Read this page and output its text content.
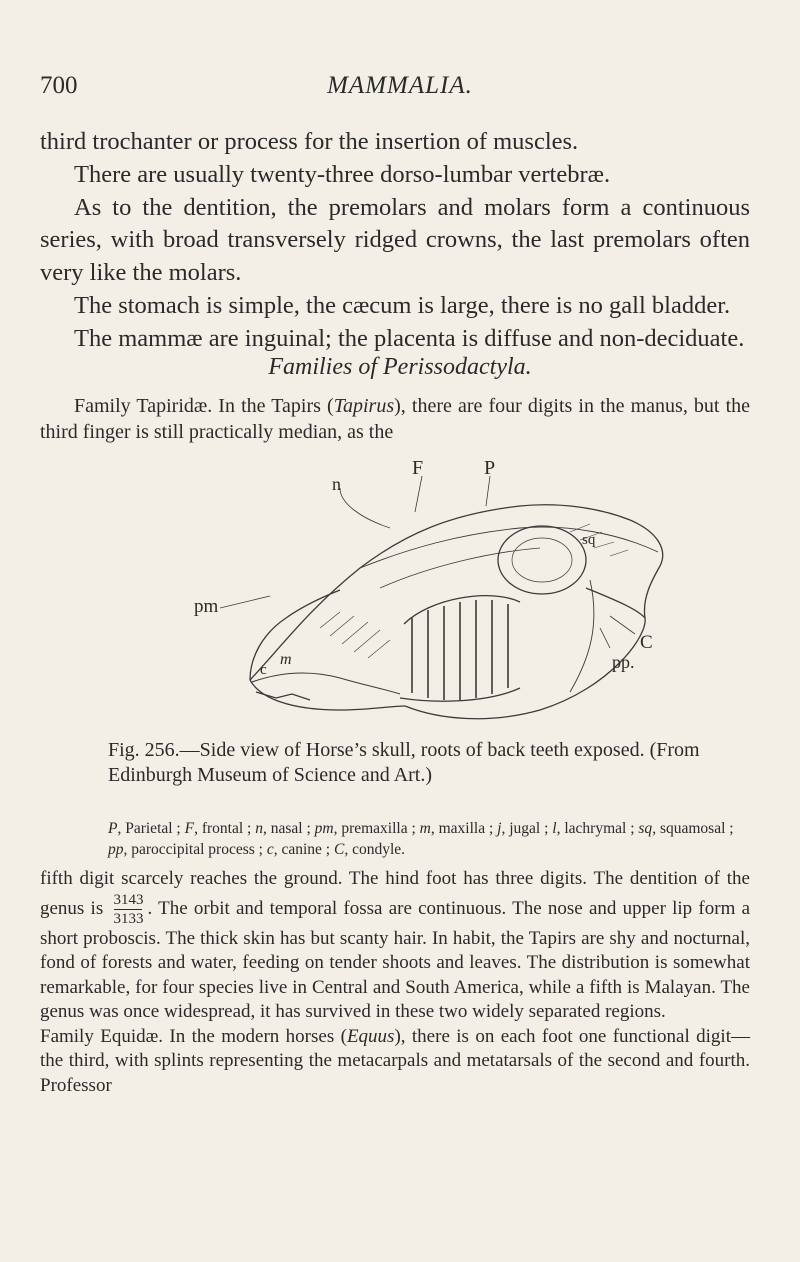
700	MAMMALIA.

third trochanter or process for the insertion of muscles.

There are usually twenty-three dorso-lumbar vertebræ.

As to the dentition, the premolars and molars form a continuous series, with broad transversely ridged crowns, the last premolars often very like the molars.

The stomach is simple, the cæcum is large, there is no gall bladder.

The mammæ are inguinal; the placenta is diffuse and non-deciduate.

Families of Perissodactyla.
Family Tapiridæ. In the Tapirs (Tapirus), there are four digits in the manus, but the third finger is still practically median, as the
F	P
n
sq
pm
C
pp.
m
c
Fig. 256.—Side view of Horse’s skull, roots of back teeth exposed. (From Edinburgh Museum of Science and Art.)
P, Parietal ; F, frontal ; n, nasal ; pm, premaxilla ; m, maxilla ; j, jugal ; l, lachrymal ; sq, squamosal ; pp, paroccipital process ; c, canine ; C, condyle.
fifth digit scarcely reaches the ground. The hind foot has three digits. The dentition of the genus is $\frac{3143}{3133}$ . The orbit and temporal fossa are continuous. The nose and upper lip form a short proboscis. The thick skin has but scanty hair. In habit, the Tapirs are shy and nocturnal, fond of forests and water, feeding on tender shoots and leaves. The distribution is somewhat remarkable, for four species live in Central and South America, while a fifth is Malayan. The genus was once widespread, it has survived in these two widely separated regions.
Family Equidæ. In the modern horses (Equus), there is on each foot one functional digit—the third, with splints representing the metacarpals and metatarsals of the second and fourth. Professor
